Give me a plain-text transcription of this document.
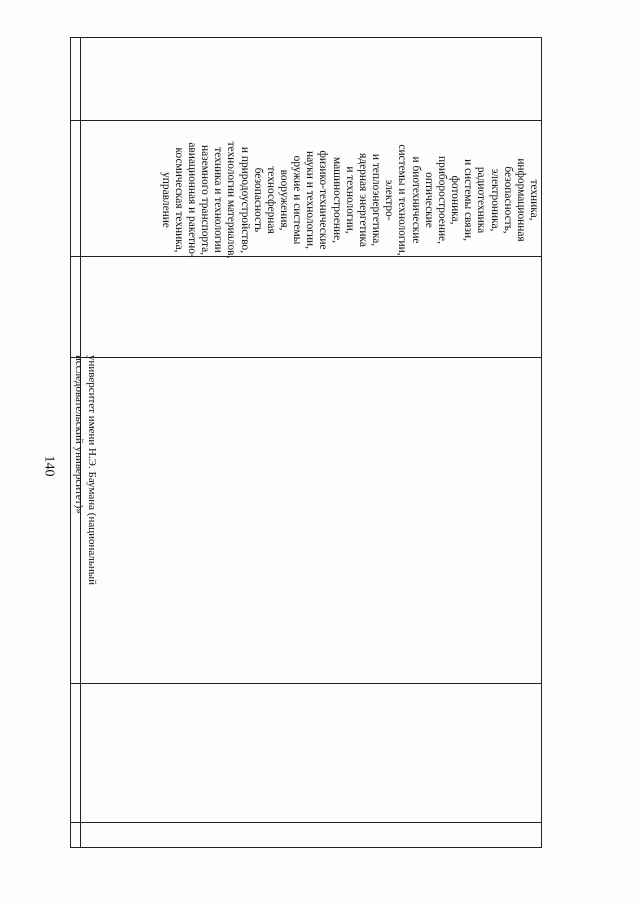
140	университет имени Н.Э. Баумана (национальный
исследовательский университет)»
техника,
информационная
безопасность,
электроника,
радиотехника
и системы связи,
фотоника,
приборостроение,
оптические
и биотехнические
системы и технологии,
электро-
и теплоэнергетика,
ядерная энергетика
и технологии,
машиностроение,
физико-технические
науки и технологии,
оружие и системы
вооружения,
техносферная
безопасность
и природоустройство,
технологии материалов,
техника и технологии
наземного транспорта,
авиационная и ракетно-
космическая техника,
управление
